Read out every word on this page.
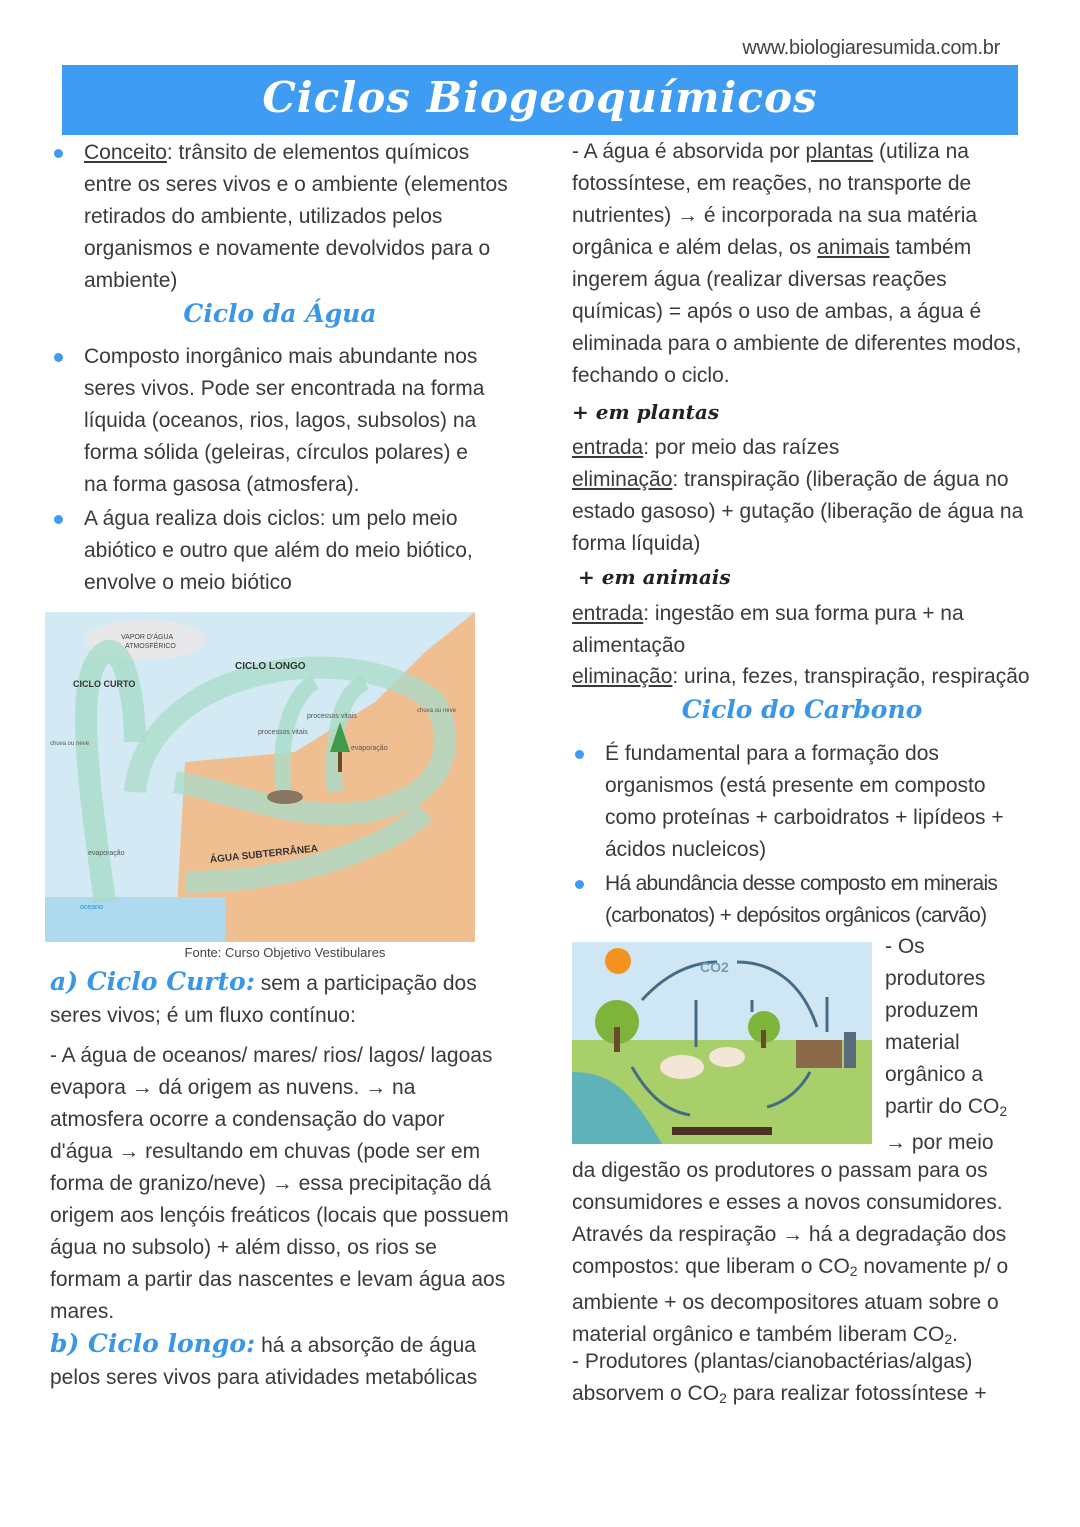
www.biologiaresumida.com.br
Ciclos Biogeoquímicos
Conceito: trânsito de elementos químicos entre os seres vivos e o ambiente (elementos retirados do ambiente, utilizados pelos organismos e novamente devolvidos para o ambiente)
Ciclo da Água
Composto inorgânico mais abundante nos seres vivos. Pode ser encontrada na forma líquida (oceanos, rios, lagos, subsolos) na forma sólida (geleiras, círculos polares) e na forma gasosa (atmosfera).
A água realiza dois ciclos: um pelo meio abiótico e outro que além do meio biótico, envolve o meio biótico
VAPOR D'ÁGUA
ATMOSFÉRICO
CICLO CURTO
CICLO LONGO
processos vitais
processos vitais
chuva ou neve
chuva ou neve
evaporação
evaporação
ÁGUA SUBTERRÂNEA
oceano
Fonte: Curso Objetivo Vestibulares
a) Ciclo Curto: sem a participação dos seres vivos; é um fluxo contínuo:
- A água de oceanos/ mares/ rios/ lagos/ lagoas evapora → dá origem as nuvens. → na atmosfera ocorre a condensação do vapor d'água → resultando em chuvas (pode ser em forma de granizo/neve) → essa precipitação dá origem aos lençóis freáticos (locais que possuem água no subsolo) + além disso, os rios se formam a partir das nascentes e levam água aos mares.
b) Ciclo longo: há a absorção de água pelos seres vivos para atividades metabólicas
- A água é absorvida por plantas (utiliza na fotossíntese, em reações, no transporte de nutrientes) → é incorporada na sua matéria orgânica e além delas, os animais também ingerem água (realizar diversas reações químicas) = após o uso de ambas, a água é eliminada para o ambiente de diferentes modos, fechando o ciclo.
+ em plantas
entrada: por meio das raízes
eliminação: transpiração (liberação de água no estado gasoso) + gutação (liberação de água na forma líquida)
+ em animais
entrada: ingestão em sua forma pura + na alimentação
eliminação: urina, fezes, transpiração, respiração
Ciclo do Carbono
É fundamental para a formação dos organismos (está presente em composto como proteínas + carboidratos + lipídeos + ácidos nucleicos)
Há abundância desse composto em minerais (carbonatos) + depósitos orgânicos (carvão)
CO2
- Os produtores produzem material orgânico a partir do $CO_2$
→ por meio
da digestão os produtores o passam para os consumidores e esses a novos consumidores. Através da respiração → há a degradação dos compostos: que liberam o $CO_2$ novamente p/ o ambiente + os decompositores atuam sobre o material orgânico e também liberam $CO_2$.
- Produtores (plantas/cianobactérias/algas) absorvem o $CO_2$ para realizar fotossíntese +
